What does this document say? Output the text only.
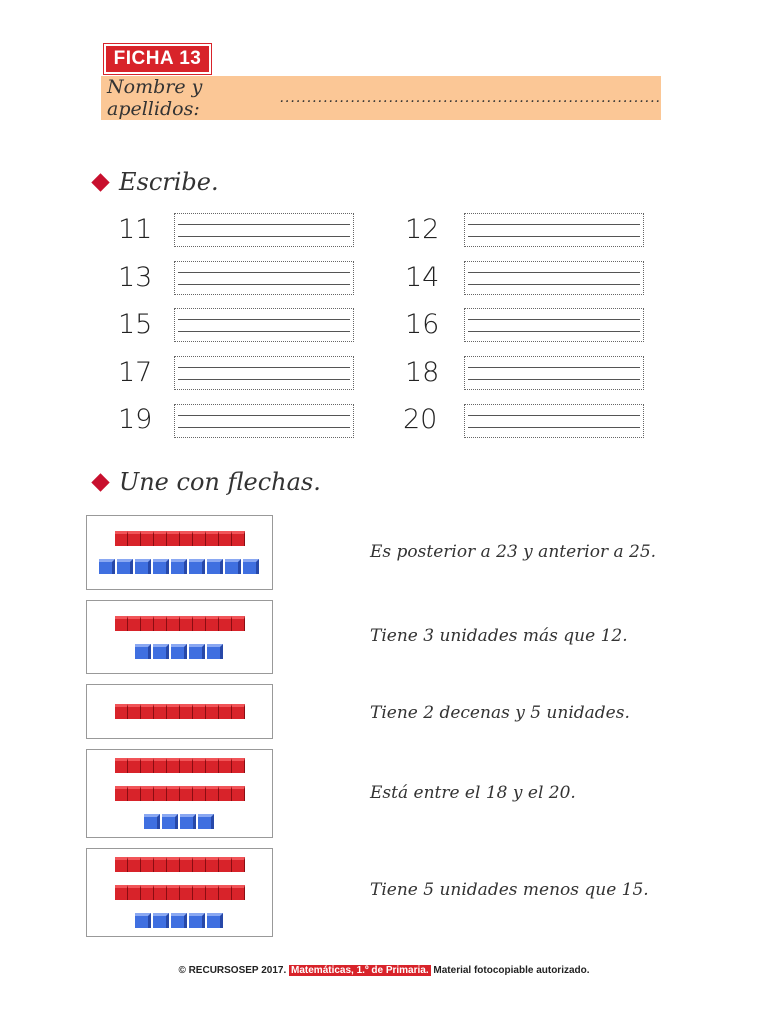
FICHA 13
Nombre y apellidos:	......................................................................
Escribe.
11	12
13	14
15	16
17	18
19	20
Une con flechas.
Es posterior a 23 y anterior a 25.
Tiene 3 unidades más que 12.
Tiene 2 decenas y 5 unidades.
Está entre el 18 y el 20.
Tiene 5 unidades menos que 15.
© RECURSOSEP 2017. Matemáticas, 1.º de Primaria. Material fotocopiable autorizado.
